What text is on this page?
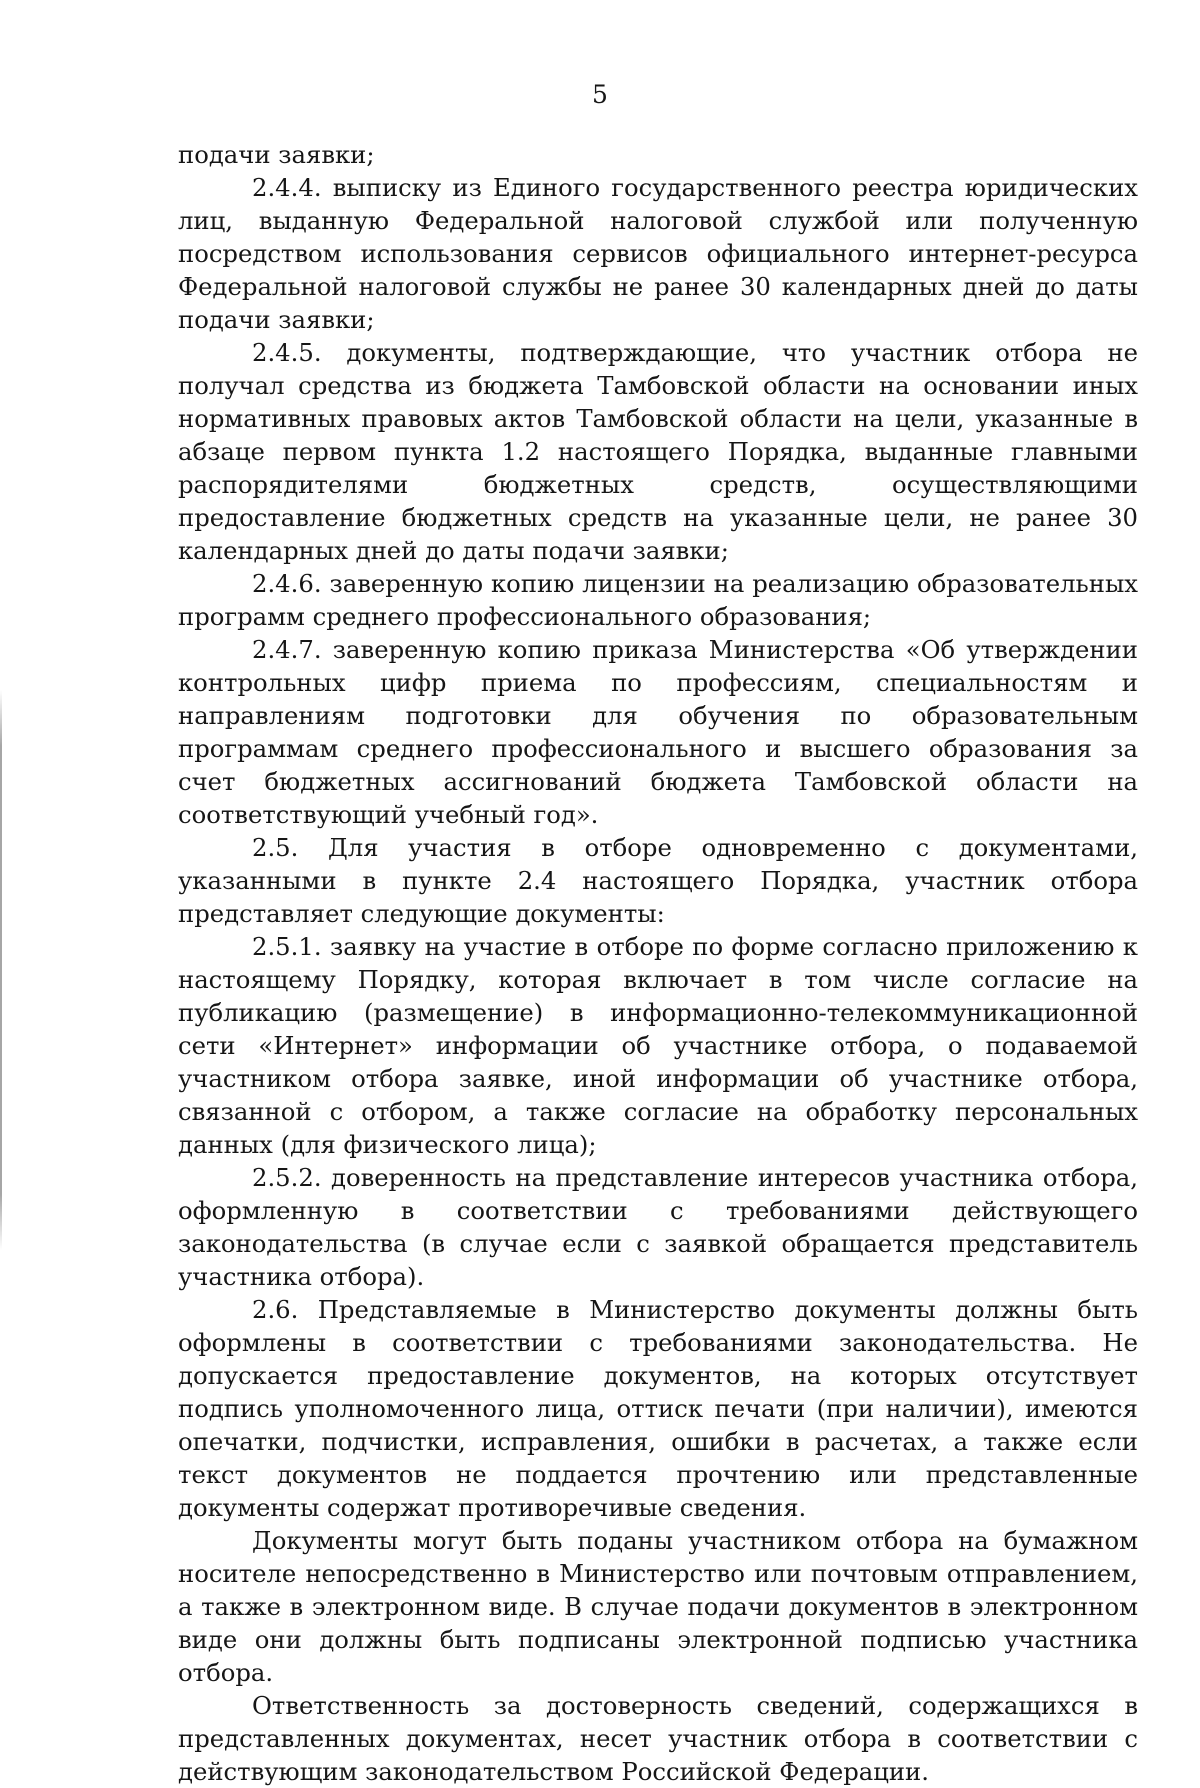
5

подачи заявки;

2.4.4. выписку из Единого государственного реестра юридических лиц, выданную Федеральной налоговой службой или полученную посредством использования сервисов официального интернет-ресурса Федеральной налоговой службы не ранее 30 календарных дней до даты подачи заявки;

2.4.5. документы, подтверждающие, что участник отбора не получал средства из бюджета Тамбовской области на основании иных нормативных правовых актов Тамбовской области на цели, указанные в абзаце первом пункта 1.2 настоящего Порядка, выданные главными распорядителями бюджетных средств, осуществляющими предоставление бюджетных средств на указанные цели, не ранее 30 календарных дней до даты подачи заявки;

2.4.6. заверенную копию лицензии на реализацию образовательных программ среднего профессионального образования;

2.4.7. заверенную копию приказа Министерства «Об утверждении контрольных цифр приема по профессиям, специальностям и направлениям подготовки для обучения по образовательным программам среднего профессионального и высшего образования за счет бюджетных ассигнований бюджета Тамбовской области на соответствующий учебный год».

2.5. Для участия в отборе одновременно с документами, указанными в пункте 2.4 настоящего Порядка, участник отбора представляет следующие документы:

2.5.1. заявку на участие в отборе по форме согласно приложению к настоящему Порядку, которая включает в том числе согласие на публикацию (размещение) в информационно-телекоммуникационной сети «Интернет» информации об участнике отбора, о подаваемой участником отбора заявке, иной информации об участнике отбора, связанной с отбором, а также согласие на обработку персональных данных (для физического лица);

2.5.2. доверенность на представление интересов участника отбора, оформленную в соответствии с требованиями действующего законодательства (в случае если с заявкой обращается представитель участника отбора).

2.6. Представляемые в Министерство документы должны быть оформлены в соответствии с требованиями законодательства. Не допускается предоставление документов, на которых отсутствует подпись уполномоченного лица, оттиск печати (при наличии), имеются опечатки, подчистки, исправления, ошибки в расчетах, а также если текст документов не поддается прочтению или представленные документы содержат противоречивые сведения.

Документы могут быть поданы участником отбора на бумажном носителе непосредственно в Министерство или почтовым отправлением, а также в электронном виде. В случае подачи документов в электронном виде они должны быть подписаны электронной подписью участника отбора.

Ответственность за достоверность сведений, содержащихся в представленных документах, несет участник отбора в соответствии с действующим законодательством Российской Федерации.
